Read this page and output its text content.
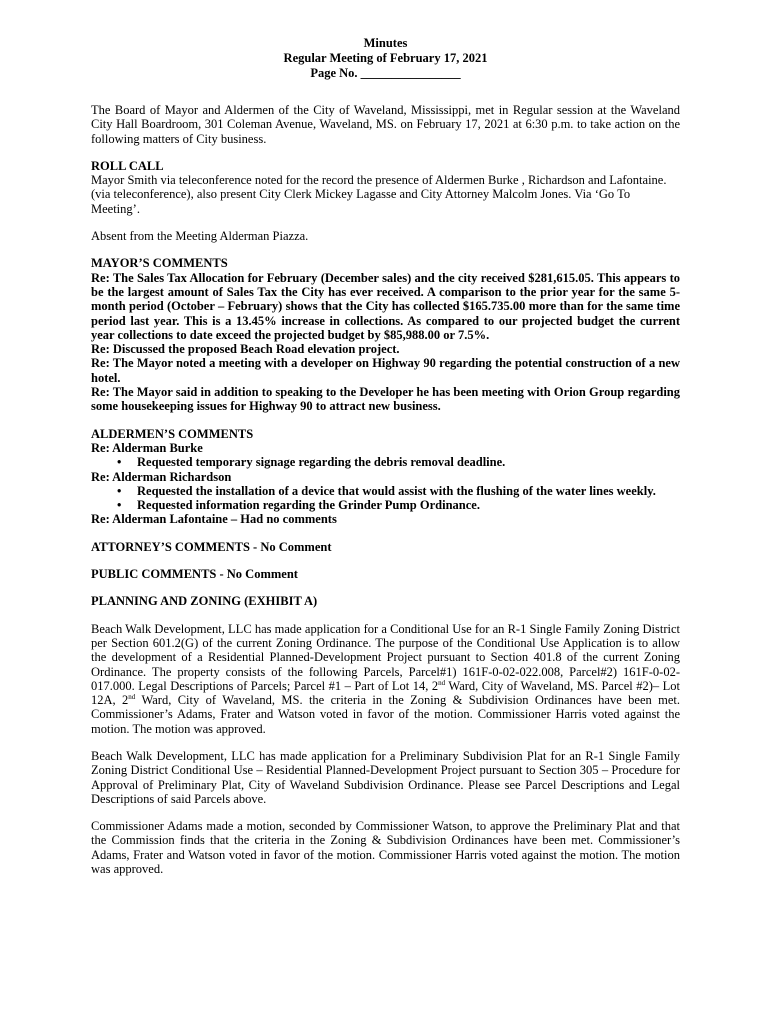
Minutes
Regular Meeting of February 17, 2021
Page No. ________________

The Board of Mayor and Aldermen of the City of Waveland, Mississippi, met in Regular session at the Waveland City Hall Boardroom, 301 Coleman Avenue, Waveland, MS. on February 17, 2021 at 6:30 p.m. to take action on the following matters of City business.

ROLL CALL

Mayor Smith via teleconference noted for the record the presence of Aldermen Burke , Richardson and Lafontaine. (via teleconference), also present City Clerk Mickey Lagasse and City Attorney Malcolm Jones. Via ‘Go To Meeting’.

Absent from the Meeting Alderman Piazza.

MAYOR’S COMMENTS

Re: The Sales Tax Allocation for February (December sales) and the city received $281,615.05. This appears to be the largest amount of Sales Tax the City has ever received. A comparison to the prior year for the same 5-month period (October – February) shows that the City has collected $165.735.00 more than for the same time period last year. This is a 13.45% increase in collections. As compared to our projected budget the current year collections to date exceed the projected budget by $85,988.00 or 7.5%.

Re: Discussed the proposed Beach Road elevation project.

Re: The Mayor noted a meeting with a developer on Highway 90 regarding the potential construction of a new hotel.

Re: The Mayor said in addition to speaking to the Developer he has been meeting with Orion Group regarding some housekeeping issues for Highway 90 to attract new business.

ALDERMEN’S COMMENTS

Re: Alderman Burke

• Requested temporary signage regarding the debris removal deadline.

Re: Alderman Richardson

• Requested the installation of a device that would assist with the flushing of the water lines weekly.
• Requested information regarding the Grinder Pump Ordinance.

Re: Alderman Lafontaine – Had no comments

ATTORNEY’S COMMENTS - No Comment

PUBLIC COMMENTS - No Comment

PLANNING AND ZONING (EXHIBIT A)

Beach Walk Development, LLC has made application for a Conditional Use for an R-1 Single Family Zoning District per Section 601.2(G) of the current Zoning Ordinance. The purpose of the Conditional Use Application is to allow the development of a Residential Planned-Development Project pursuant to Section 401.8 of the current Zoning Ordinance. The property consists of the following Parcels, Parcel#1) 161F-0-02-022.008, Parcel#2) 161F-0-02-017.000. Legal Descriptions of Parcels; Parcel #1 – Part of Lot 14, 2nd Ward, City of Waveland, MS. Parcel #2)– Lot 12A, 2nd Ward, City of Waveland, MS. the criteria in the Zoning & Subdivision Ordinances have been met. Commissioner’s Adams, Frater and Watson voted in favor of the motion. Commissioner Harris voted against the motion. The motion was approved.

Beach Walk Development, LLC has made application for a Preliminary Subdivision Plat for an R-1 Single Family Zoning District Conditional Use – Residential Planned-Development Project pursuant to Section 305 – Procedure for Approval of Preliminary Plat, City of Waveland Subdivision Ordinance. Please see Parcel Descriptions and Legal Descriptions of said Parcels above.

Commissioner Adams made a motion, seconded by Commissioner Watson, to approve the Preliminary Plat and that the Commission finds that the criteria in the Zoning & Subdivision Ordinances have been met. Commissioner’s Adams, Frater and Watson voted in favor of the motion. Commissioner Harris voted against the motion. The motion was approved.
